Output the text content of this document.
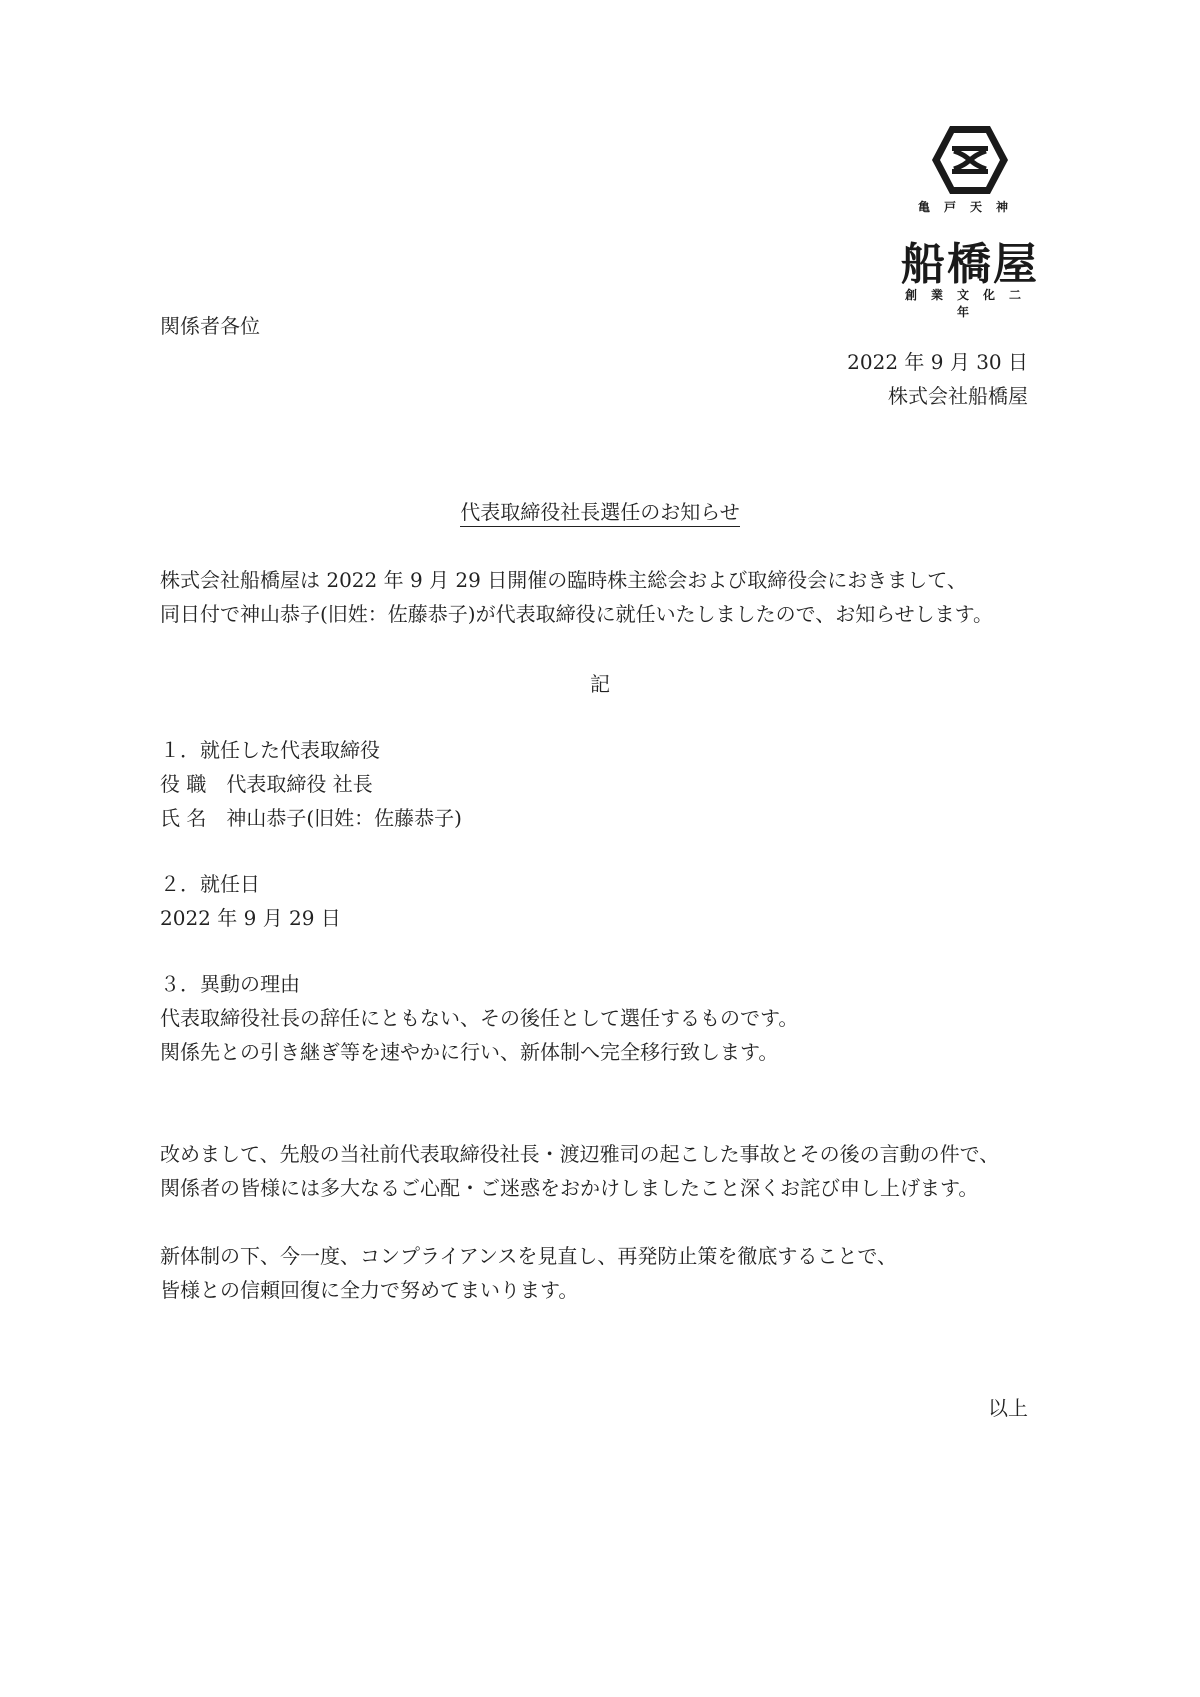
亀戸天神
船橋屋
創業文化二年
関係者各位
2022 年 9 月 30 日
株式会社船橋屋
代表取締役社長選任のお知らせ
株式会社船橋屋は 2022 年 9 月 29 日開催の臨時株主総会および取締役会におきまして、
同日付で神山恭子(旧姓：佐藤恭子)が代表取締役に就任いたしましたので、お知らせします。
記
１．就任した代表取締役
役 職　代表取締役 社長
氏 名　神山恭子(旧姓：佐藤恭子)
２．就任日
2022 年 9 月 29 日
３．異動の理由
代表取締役社長の辞任にともない、その後任として選任するものです。
関係先との引き継ぎ等を速やかに行い、新体制へ完全移行致します。
改めまして、先般の当社前代表取締役社長・渡辺雅司の起こした事故とその後の言動の件で、
関係者の皆様には多大なるご心配・ご迷惑をおかけしましたこと深くお詫び申し上げます。
新体制の下、今一度、コンプライアンスを見直し、再発防止策を徹底することで、
皆様との信頼回復に全力で努めてまいります。
以上
